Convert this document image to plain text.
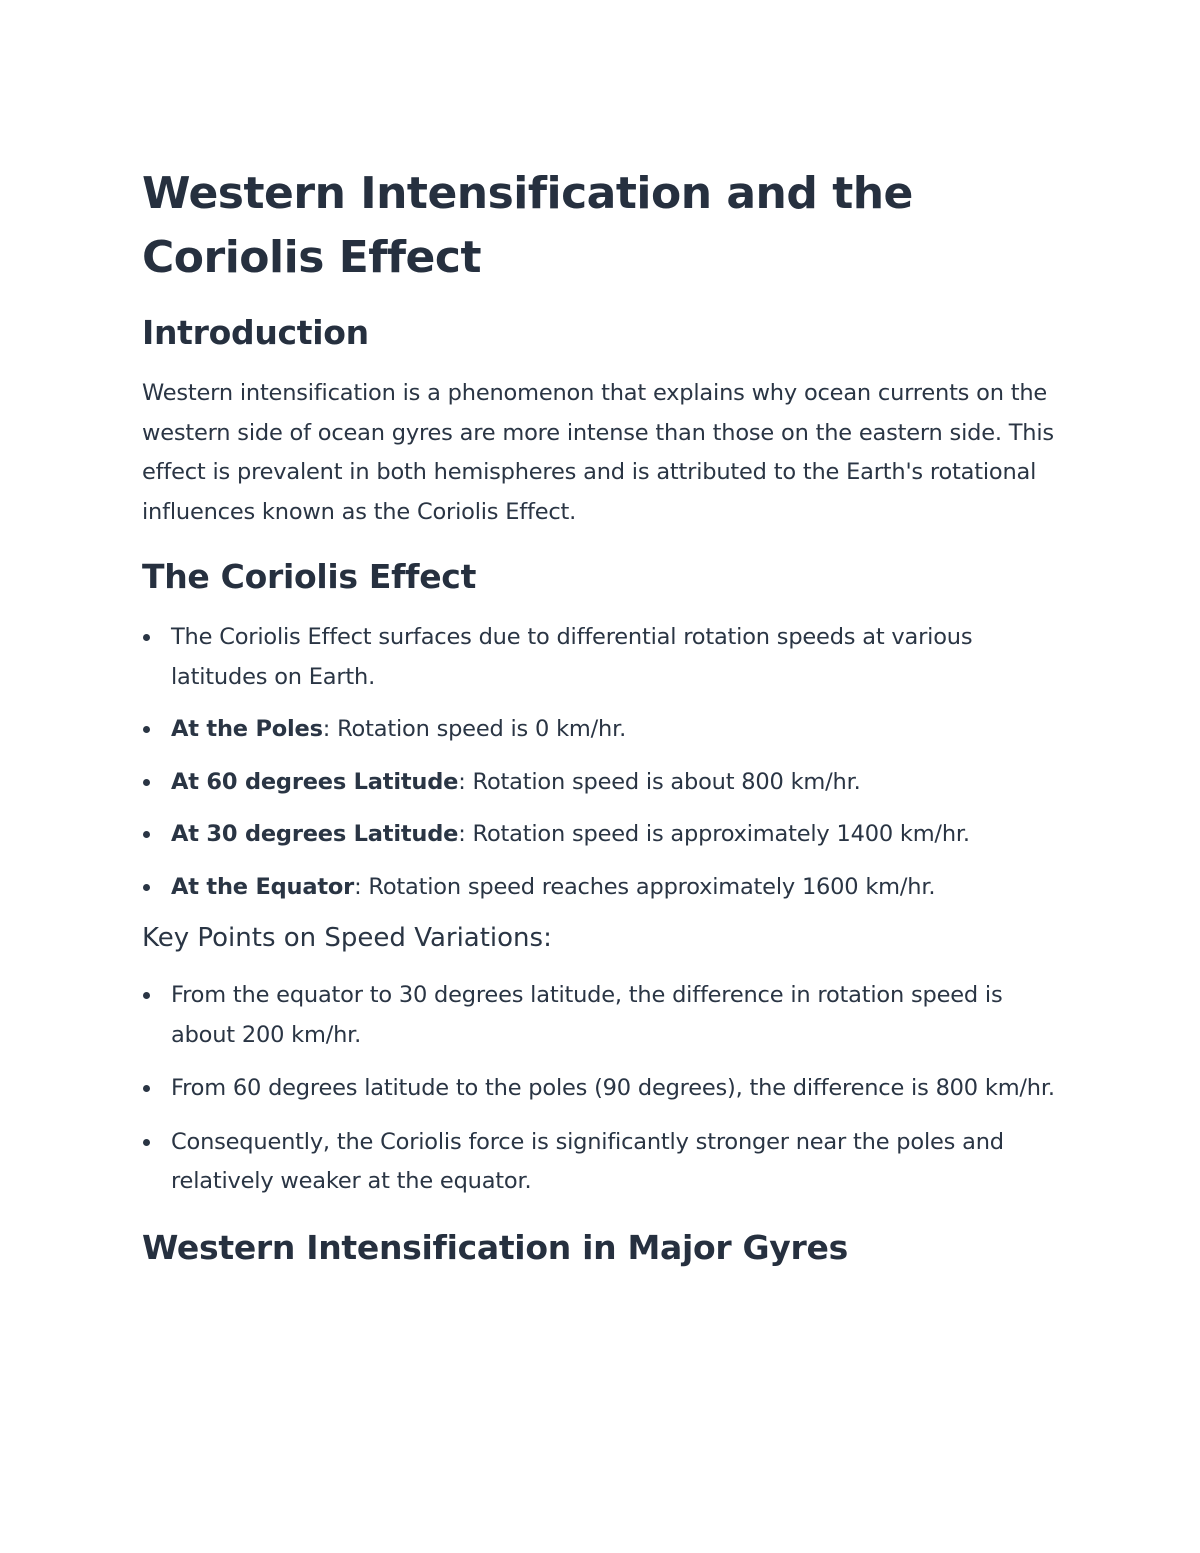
Western Intensification and the Coriolis Effect
Introduction

Western intensification is a phenomenon that explains why ocean currents on the western side of ocean gyres are more intense than those on the eastern side. This effect is prevalent in both hemispheres and is attributed to the Earth's rotational influences known as the Coriolis Effect.

The Coriolis Effect
The Coriolis Effect surfaces due to differential rotation speeds at various latitudes on Earth.
At the Poles: Rotation speed is 0 km/hr.
At 60 degrees Latitude: Rotation speed is about 800 km/hr.
At 30 degrees Latitude: Rotation speed is approximately 1400 km/hr.
At the Equator: Rotation speed reaches approximately 1600 km/hr.
Key Points on Speed Variations:
From the equator to 30 degrees latitude, the difference in rotation speed is about 200 km/hr.
From 60 degrees latitude to the poles (90 degrees), the difference is 800 km/hr.
Consequently, the Coriolis force is significantly stronger near the poles and relatively weaker at the equator.
Western Intensification in Major Gyres
